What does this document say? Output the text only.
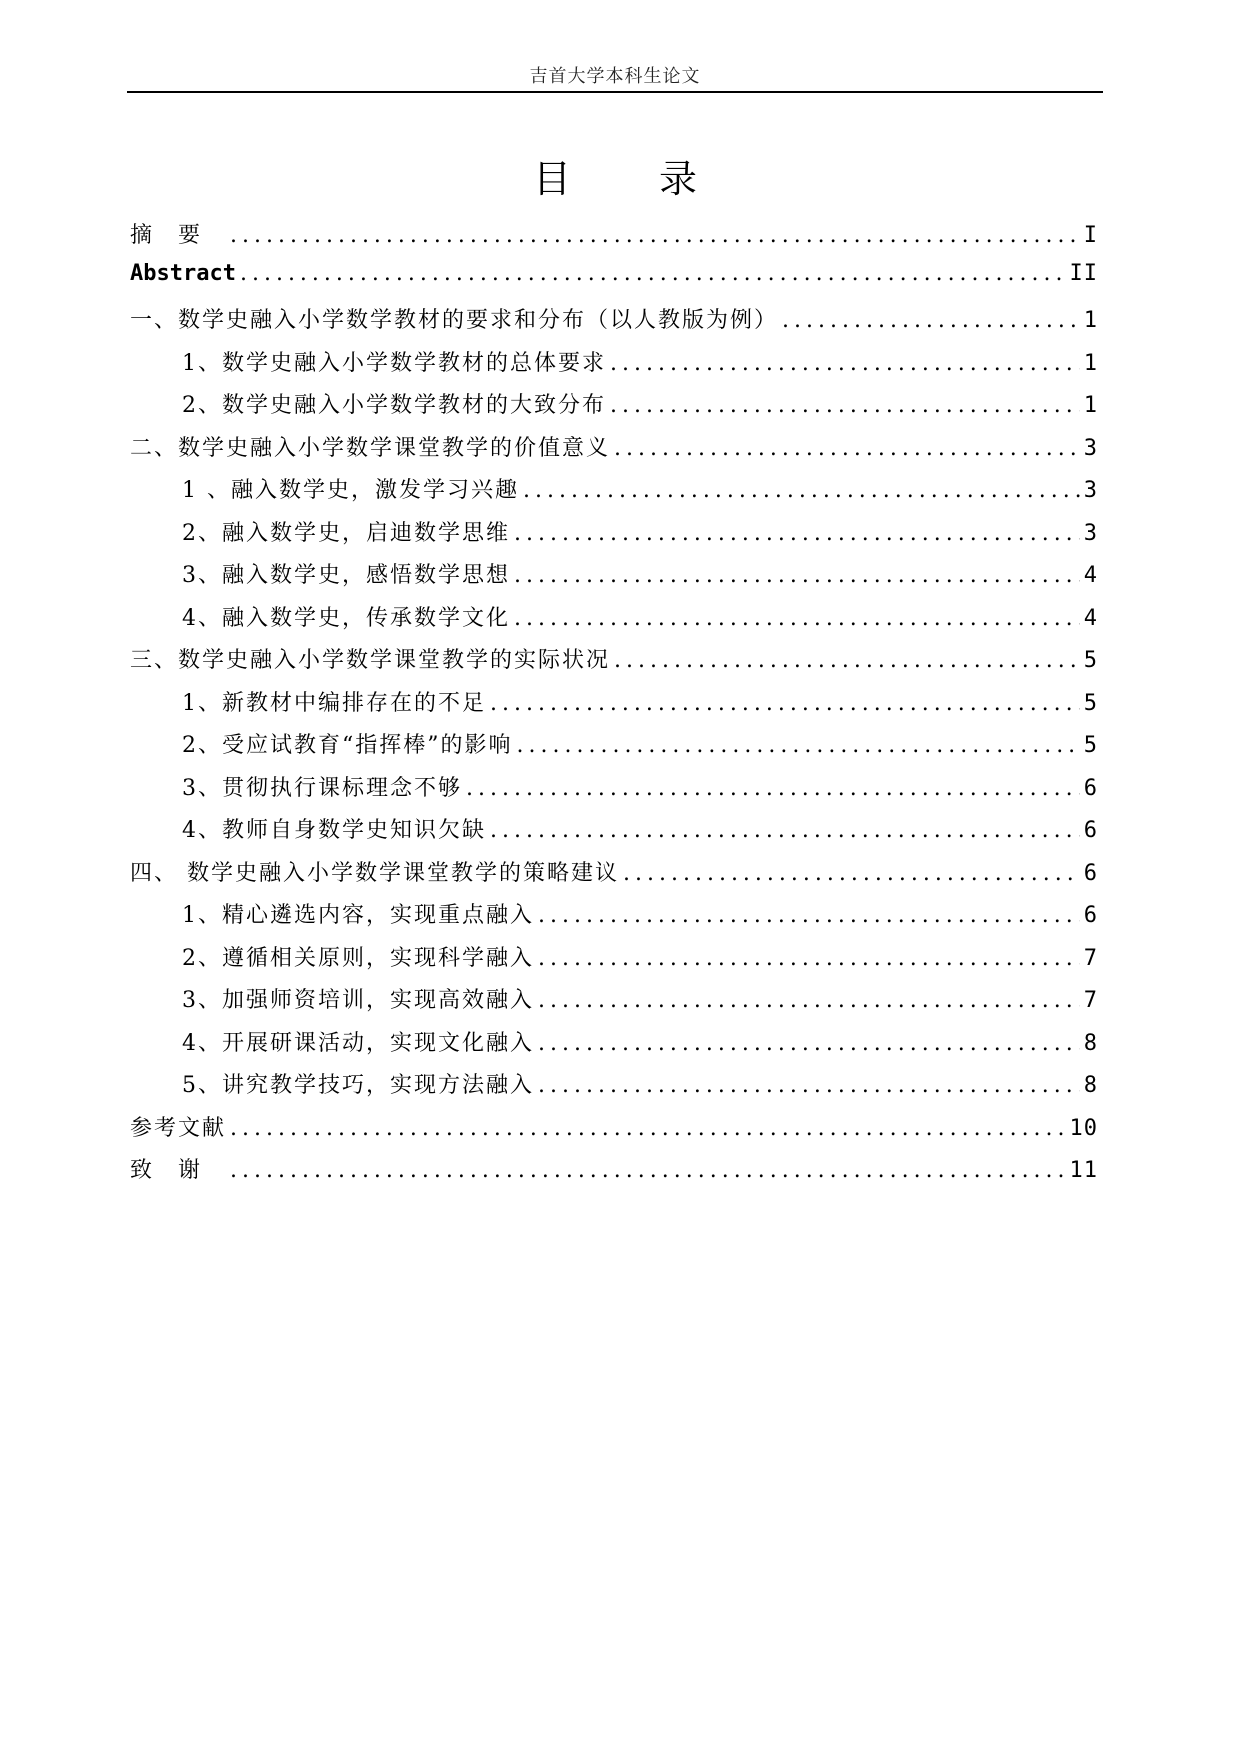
吉首大学本科生论文
目 录
摘要 .....	I
Abstract .....	II
一、数学史融入小学数学教材的要求和分布（以人教版为例） .....	1
1、数学史融入小学数学教材的总体要求 .....	1
2、数学史融入小学数学教材的大致分布 .....	1
二、数学史融入小学数学课堂教学的价值意义 .....	3
1 、融入数学史，激发学习兴趣 .....	3
2、融入数学史，启迪数学思维 .....	3
3、融入数学史，感悟数学思想 .....	4
4、融入数学史，传承数学文化 .....	4
三、数学史融入小学数学课堂教学的实际状况 .....	5
1、新教材中编排存在的不足 .....	5
2、受应试教育“指挥棒”的影响 .....	5
3、贯彻执行课标理念不够 .....	6
4、教师自身数学史知识欠缺 .....	6
四、 数学史融入小学数学课堂教学的策略建议 .....	6
1、精心遴选内容，实现重点融入 .....	6
2、遵循相关原则，实现科学融入 .....	7
3、加强师资培训，实现高效融入 .....	7
4、开展研课活动，实现文化融入 .....	8
5、讲究教学技巧，实现方法融入 .....	8
参考文献 .....	10
致谢 .....	11
